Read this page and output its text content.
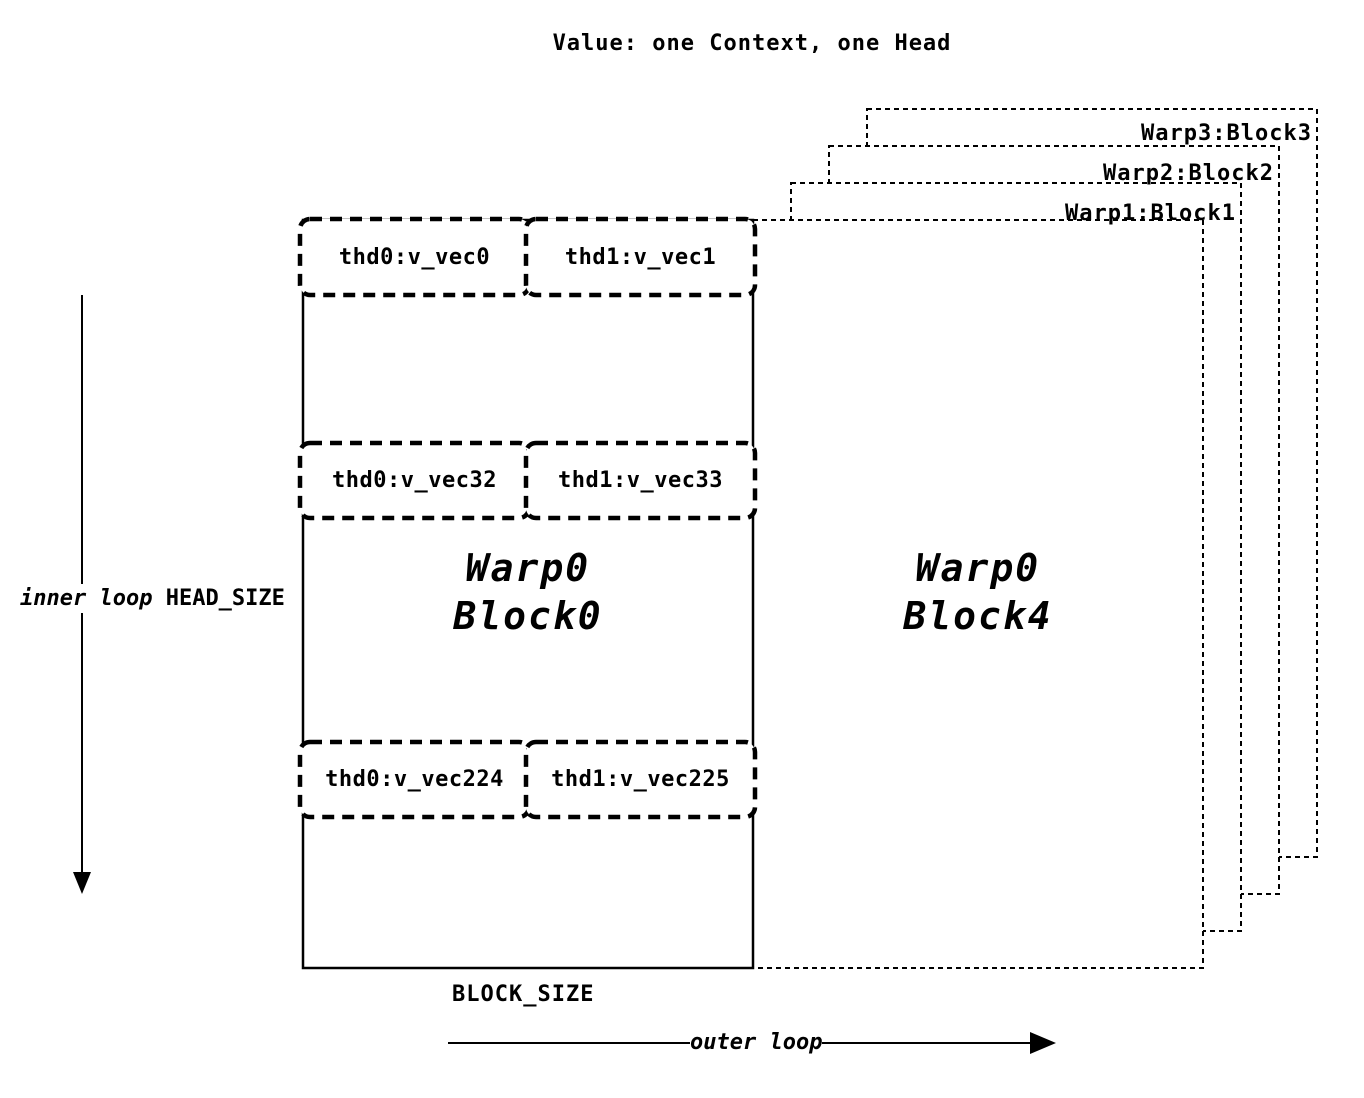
Value: one Context, one Head
Warp3:Block3
Warp2:Block2
Warp1:Block1
thd0:v_vec0	thd1:v_vec1
thd0:v_vec32	thd1:v_vec33
thd0:v_vec224	thd1:v_vec225
Warp0
Block0
Warp0
Block4
inner loop HEAD_SIZE
BLOCK_SIZE
outer loop
